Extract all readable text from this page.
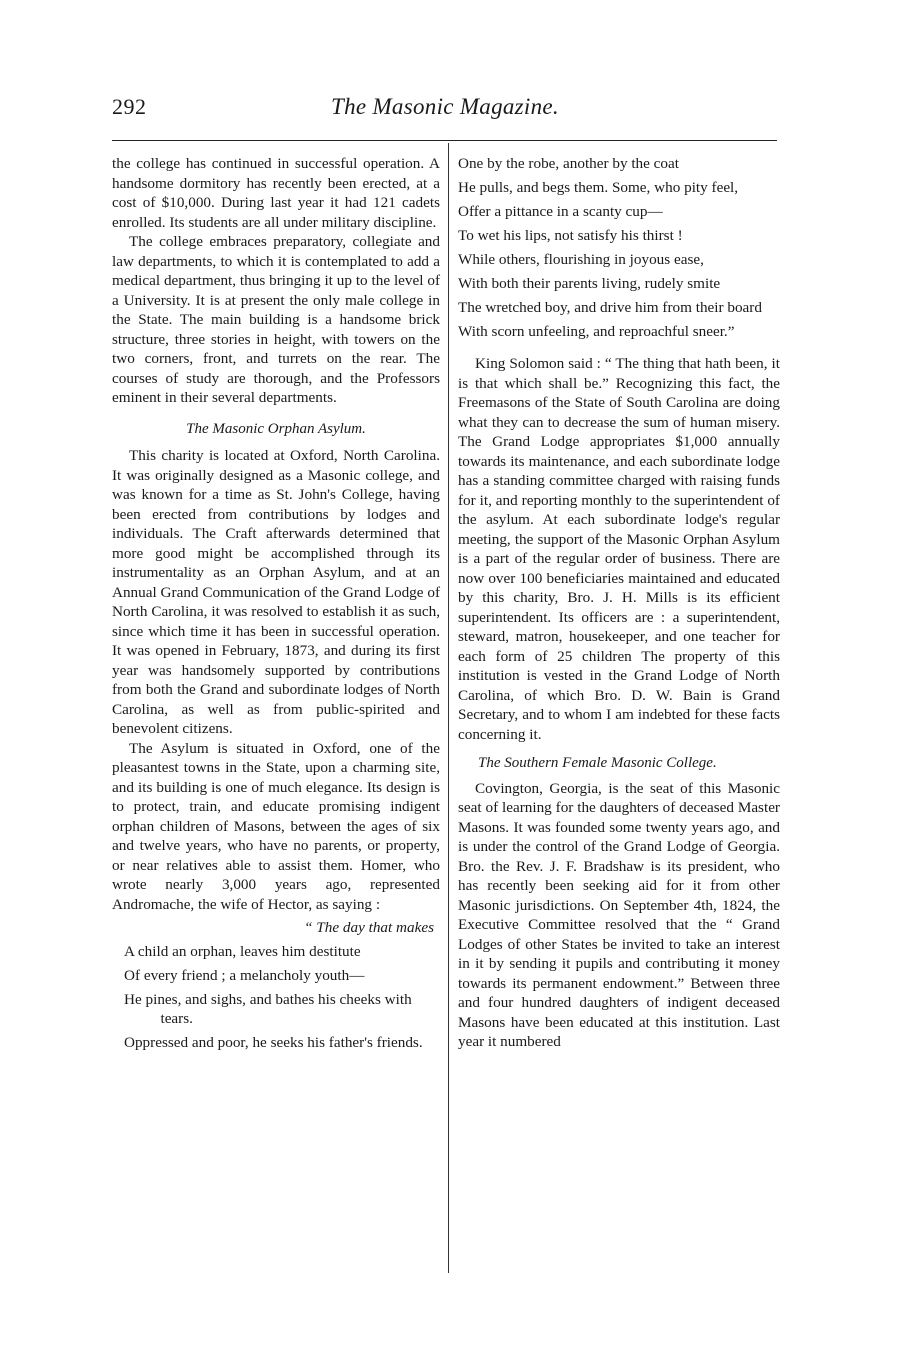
292	The Masonic Magazine.

the college has continued in successful operation. A handsome dormitory has recently been erected, at a cost of $10,000. During last year it had 121 cadets enrolled. Its students are all under military discipline.

The college embraces preparatory, collegiate and law departments, to which it is contemplated to add a medical department, thus bringing it up to the level of a University. It is at present the only male college in the State. The main building is a handsome brick structure, three stories in height, with towers on the two corners, front, and turrets on the rear. The courses of study are thorough, and the Professors eminent in their several departments.

The Masonic Orphan Asylum.

This charity is located at Oxford, North Carolina. It was originally designed as a Masonic college, and was known for a time as St. John's College, having been erected from contributions by lodges and individuals. The Craft afterwards determined that more good might be accomplished through its instrumentality as an Orphan Asylum, and at an Annual Grand Communication of the Grand Lodge of North Carolina, it was resolved to establish it as such, since which time it has been in successful operation. It was opened in February, 1873, and during its first year was handsomely supported by contributions from both the Grand and subordinate lodges of North Carolina, as well as from public-spirited and benevolent citizens.

The Asylum is situated in Oxford, one of the pleasantest towns in the State, upon a charming site, and its building is one of much elegance. Its design is to protect, train, and educate promising indigent orphan children of Masons, between the ages of six and twelve years, who have no parents, or property, or near relatives able to assist them. Homer, who wrote nearly 3,000 years ago, represented Andromache, the wife of Hector, as saying :

“ The day that makes
A child an orphan, leaves him destitute
Of every friend ; a melancholy youth—
He pines, and sighs, and bathes his cheeks with tears.
Oppressed and poor, he seeks his father's friends.
One by the robe, another by the coat
He pulls, and begs them. Some, who pity feel,
Offer a pittance in a scanty cup—
To wet his lips, not satisfy his thirst !
While others, flourishing in joyous ease,
With both their parents living, rudely smite
The wretched boy, and drive him from their board
With scorn unfeeling, and reproachful sneer.”

King Solomon said : “ The thing that hath been, it is that which shall be.” Recognizing this fact, the Freemasons of the State of South Carolina are doing what they can to decrease the sum of human misery. The Grand Lodge appropriates $1,000 annually towards its maintenance, and each subordinate lodge has a standing committee charged with raising funds for it, and reporting monthly to the superintendent of the asylum. At each subordinate lodge's regular meeting, the support of the Masonic Orphan Asylum is a part of the regular order of business. There are now over 100 beneficiaries maintained and educated by this charity, Bro. J. H. Mills is its efficient superintendent. Its officers are : a superintendent, steward, matron, housekeeper, and one teacher for each form of 25 children The property of this institution is vested in the Grand Lodge of North Carolina, of which Bro. D. W. Bain is Grand Secretary, and to whom I am indebted for these facts concerning it.

The Southern Female Masonic College.

Covington, Georgia, is the seat of this Masonic seat of learning for the daughters of deceased Master Masons. It was founded some twenty years ago, and is under the control of the Grand Lodge of Georgia. Bro. the Rev. J. F. Bradshaw is its president, who has recently been seeking aid for it from other Masonic jurisdictions. On September 4th, 1824, the Executive Committee resolved that the “ Grand Lodges of other States be invited to take an interest in it by sending it pupils and contributing it money towards its permanent endowment.” Between three and four hundred daughters of indigent deceased Masons have been educated at this institution. Last year it numbered
